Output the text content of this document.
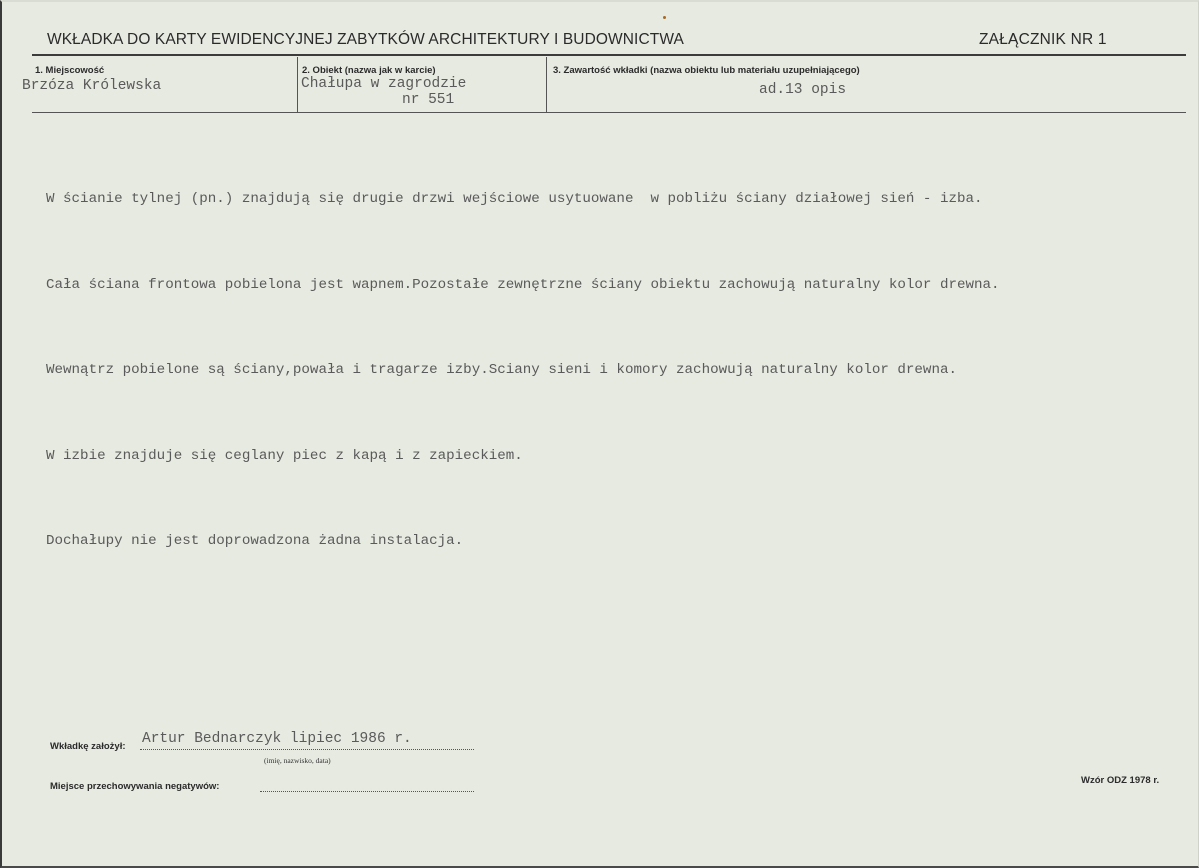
WKŁADKA DO KARTY EWIDENCYJNEJ ZABYTKÓW ARCHITEKTURY I BUDOWNICTWA	ZAŁĄCZNIK NR 1
1. Miejscowość
Brzóza Królewska
2. Obiekt (nazwa jak w karcie)
Chałupa w zagrodzie
nr 551
3. Zawartość wkładki (nazwa obiektu lub materiału uzupełniającego)
ad.13 opis

W ścianie tylnej (pn.) znajdują się drugie drzwi wejściowe usytuowane  w pobliżu ściany działowej sień - izba.

Cała ściana frontowa pobielona jest wapnem.Pozostałe zewnętrzne ściany obiektu zachowują naturalny kolor drewna.

Wewnątrz pobielone są ściany,powała i tragarze izby.Sciany sieni i komory zachowują naturalny kolor drewna.

W izbie znajduje się ceglany piec z kapą i z zapieckiem.

Dochałupy nie jest doprowadzona żadna instalacja.

Wkładkę założył: Artur Bednarczyk lipiec 1986 r.
(imię, nazwisko, data)
Miejsce przechowywania negatywów:
Wzór ODZ 1978 r.
